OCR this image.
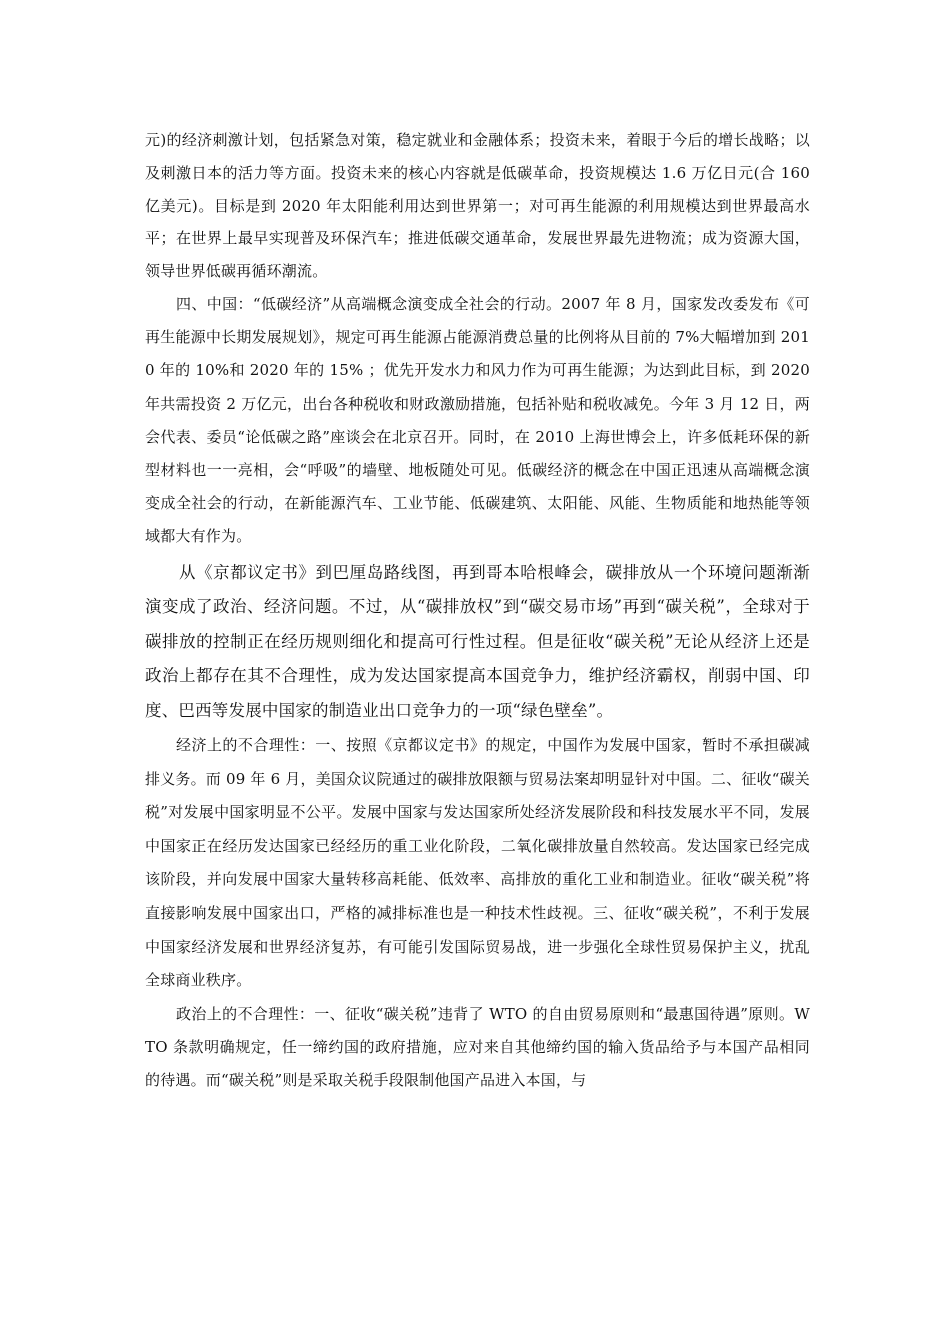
元)的经济刺激计划，包括紧急对策，稳定就业和金融体系；投资未来，着眼于今后的增长战略；以及刺激日本的活力等方面。投资未来的核心内容就是低碳革命，投资规模达 1.6 万亿日元(合 160 亿美元)。目标是到 2020 年太阳能利用达到世界第一；对可再生能源的利用规模达到世界最高水平；在世界上最早实现普及环保汽车；推进低碳交通革命，发展世界最先进物流；成为资源大国，领导世界低碳再循环潮流。

四、中国：“低碳经济”从高端概念演变成全社会的行动。2007 年 8 月，国家发改委发布《可再生能源中长期发展规划》，规定可再生能源占能源消费总量的比例将从目前的 7%大幅增加到 2010 年的 10%和 2020 年的 15% ；优先开发水力和风力作为可再生能源；为达到此目标，到 2020 年共需投资 2 万亿元，出台各种税收和财政激励措施，包括补贴和税收减免。今年 3 月 12 日，两会代表、委员“论低碳之路”座谈会在北京召开。同时，在 2010 上海世博会上，许多低耗环保的新型材料也一一亮相，会“呼吸”的墙壁、地板随处可见。低碳经济的概念在中国正迅速从高端概念演变成全社会的行动，在新能源汽车、工业节能、低碳建筑、太阳能、风能、生物质能和地热能等领域都大有作为。

从《京都议定书》到巴厘岛路线图，再到哥本哈根峰会，碳排放从一个环境问题渐渐演变成了政治、经济问题。不过，从“碳排放权”到“碳交易市场”再到“碳关税”，全球对于碳排放的控制正在经历规则细化和提高可行性过程。但是征收“碳关税”无论从经济上还是政治上都存在其不合理性，成为发达国家提高本国竞争力，维护经济霸权，削弱中国、印度、巴西等发展中国家的制造业出口竞争力的一项“绿色壁垒”。

经济上的不合理性：一、按照《京都议定书》的规定，中国作为发展中国家，暂时不承担碳减排义务。而 09 年 6 月，美国众议院通过的碳排放限额与贸易法案却明显针对中国。二、征收“碳关税”对发展中国家明显不公平。发展中国家与发达国家所处经济发展阶段和科技发展水平不同，发展中国家正在经历发达国家已经经历的重工业化阶段，二氧化碳排放量自然较高。发达国家已经完成该阶段，并向发展中国家大量转移高耗能、低效率、高排放的重化工业和制造业。征收“碳关税”将直接影响发展中国家出口，严格的减排标准也是一种技术性歧视。三、征收“碳关税”，不利于发展中国家经济发展和世界经济复苏，有可能引发国际贸易战，进一步强化全球性贸易保护主义，扰乱全球商业秩序。

政治上的不合理性：一、征收“碳关税”违背了 WTO 的自由贸易原则和“最惠国待遇”原则。WTO 条款明确规定，任一缔约国的政府措施，应对来自其他缔约国的输入货品给予与本国产品相同的待遇。而“碳关税”则是采取关税手段限制他国产品进入本国，与
